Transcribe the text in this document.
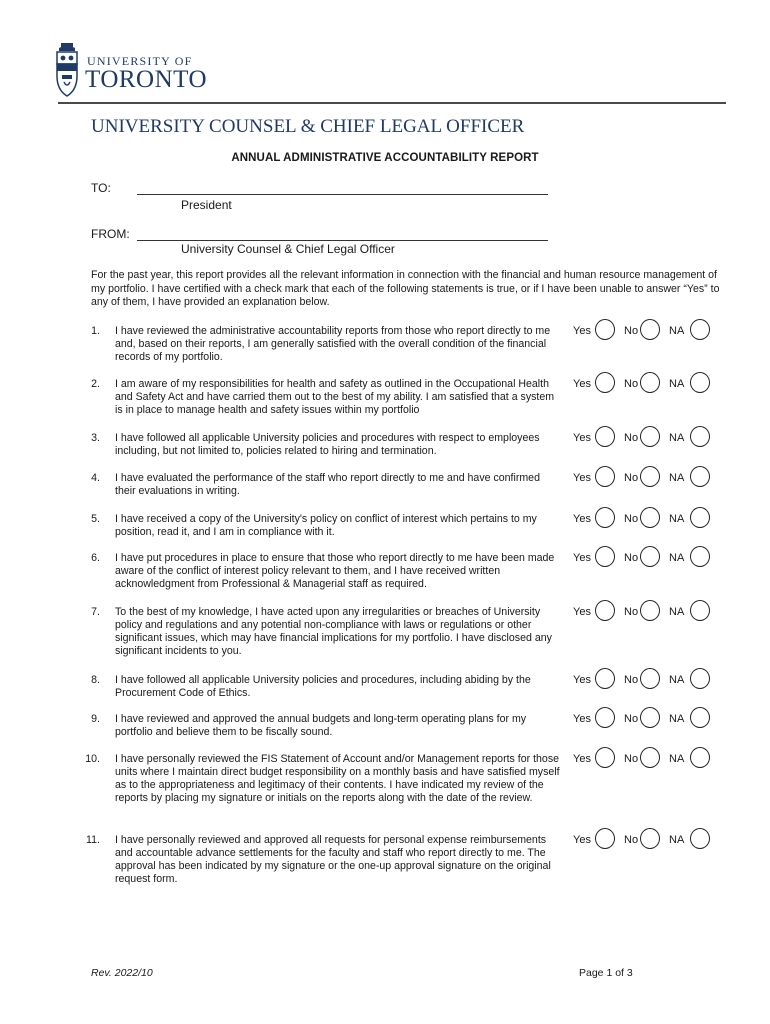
UNIVERSITY OF
TORONTO
UNIVERSITY COUNSEL & CHIEF LEGAL OFFICER
ANNUAL ADMINISTRATIVE ACCOUNTABILITY REPORT
TO:
President
FROM:
University Counsel & Chief Legal Officer
For the past year, this report provides all the relevant information in connection with the financial and human resource management of my portfolio. I have certified with a check mark that each of the following statements is true, or if I have been unable to answer “Yes” to any of them, I have provided an explanation below.
1. I have reviewed the administrative accountability reports from those who report directly to me and, based on their reports, I am generally satisfied with the overall condition of the financial records of my portfolio.
Yes	No	NA
2. I am aware of my responsibilities for health and safety as outlined in the Occupational Health and Safety Act and have carried them out to the best of my ability. I am satisfied that a system is in place to manage health and safety issues within my portfolio
Yes	No	NA
3. I have followed all applicable University policies and procedures with respect to employees including, but not limited to, policies related to hiring and termination.
Yes	No	NA
4. I have evaluated the performance of the staff who report directly to me and have confirmed their evaluations in writing.
Yes	No	NA
5. I have received a copy of the University's policy on conflict of interest which pertains to my position, read it, and I am in compliance with it.
Yes	No	NA
6. I have put procedures in place to ensure that those who report directly to me have been made aware of the conflict of interest policy relevant to them, and I have received written acknowledgment from Professional & Managerial staff as required.
Yes	No	NA
7. To the best of my knowledge, I have acted upon any irregularities or breaches of University policy and regulations and any potential non-compliance with laws or regulations or other significant issues, which may have financial implications for my portfolio. I have disclosed any significant incidents to you.
Yes	No	NA
8. I have followed all applicable University policies and procedures, including abiding by the Procurement Code of Ethics.
Yes	No	NA
9. I have reviewed and approved the annual budgets and long-term operating plans for my portfolio and believe them to be fiscally sound.
Yes	No	NA
10. I have personally reviewed the FIS Statement of Account and/or Management reports for those units where I maintain direct budget responsibility on a monthly basis and have satisfied myself as to the appropriateness and legitimacy of their contents. I have indicated my review of the reports by placing my signature or initials on the reports along with the date of the review.
Yes	No	NA
11. I have personally reviewed and approved all requests for personal expense reimbursements and accountable advance settlements for the faculty and staff who report directly to me. The approval has been indicated by my signature or the one-up approval signature on the original request form.
Yes	No	NA
Rev. 2022/10	Page 1 of 3
